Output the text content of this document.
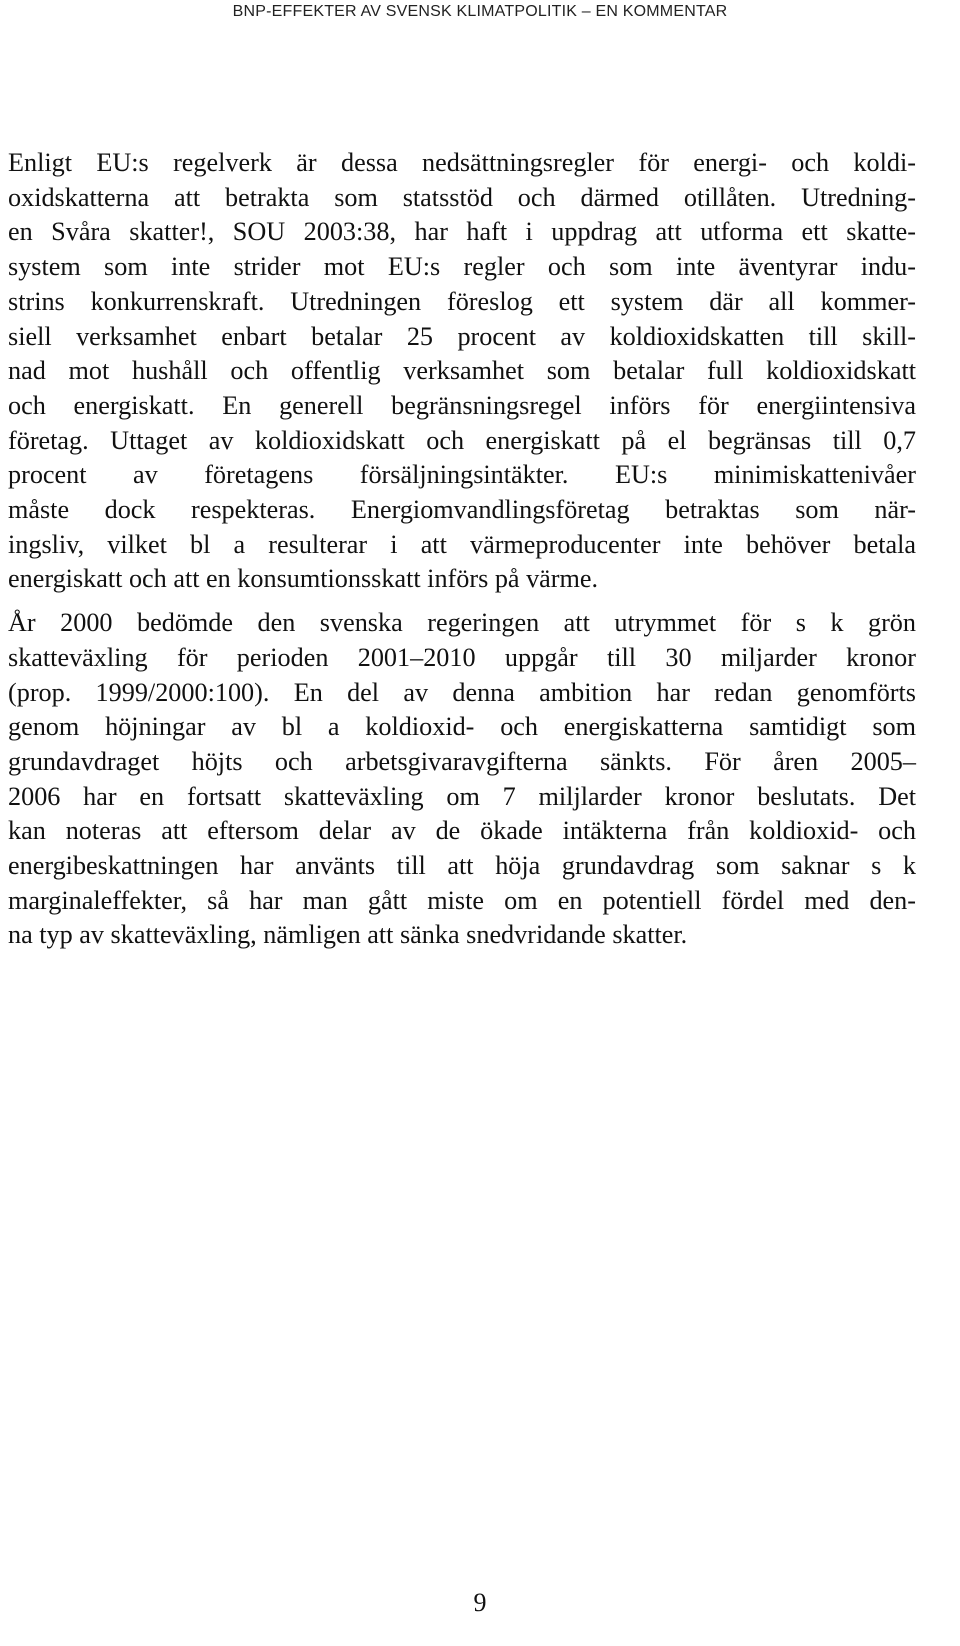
BNP-EFFEKTER AV SVENSK KLIMATPOLITIK – EN KOMMENTAR

Enligt EU:s regelverk är dessa nedsättningsregler för energi- och koldi-
oxidskatterna att betrakta som statsstöd och därmed otillåten. Utredning-
en Svåra skatter!, SOU 2003:38, har haft i uppdrag att utforma ett skatte-
system som inte strider mot EU:s regler och som inte äventyrar indu-
strins konkurrenskraft. Utredningen föreslog ett system där all kommer-
siell verksamhet enbart betalar 25 procent av koldioxidskatten till skill-
nad mot hushåll och offentlig verksamhet som betalar full koldioxidskatt
och energiskatt. En generell begränsningsregel införs för energiintensiva
företag. Uttaget av koldioxidskatt och energiskatt på el begränsas till 0,7
procent av företagens försäljningsintäkter. EU:s minimiskattenivåer
måste dock respekteras. Energiomvandlingsföretag betraktas som när-
ingsliv, vilket bl a resulterar i att värmeproducenter inte behöver betala
energiskatt och att en konsumtionsskatt införs på värme.

År 2000 bedömde den svenska regeringen att utrymmet för s k grön
skatteväxling för perioden 2001–2010 uppgår till 30 miljarder kronor
(prop. 1999/2000:100). En del av denna ambition har redan genomförts
genom höjningar av bl a koldioxid- och energiskatterna samtidigt som
grundavdraget höjts och arbetsgivaravgifterna sänkts. För åren 2005–
2006 har en fortsatt skatteväxling om 7 miljlarder kronor beslutats. Det
kan noteras att eftersom delar av de ökade intäkterna från koldioxid- och
energibeskattningen har använts till att höja grundavdrag som saknar s k
marginaleffekter, så har man gått miste om en potentiell fördel med den-
na typ av skatteväxling, nämligen att sänka snedvridande skatter.

9
